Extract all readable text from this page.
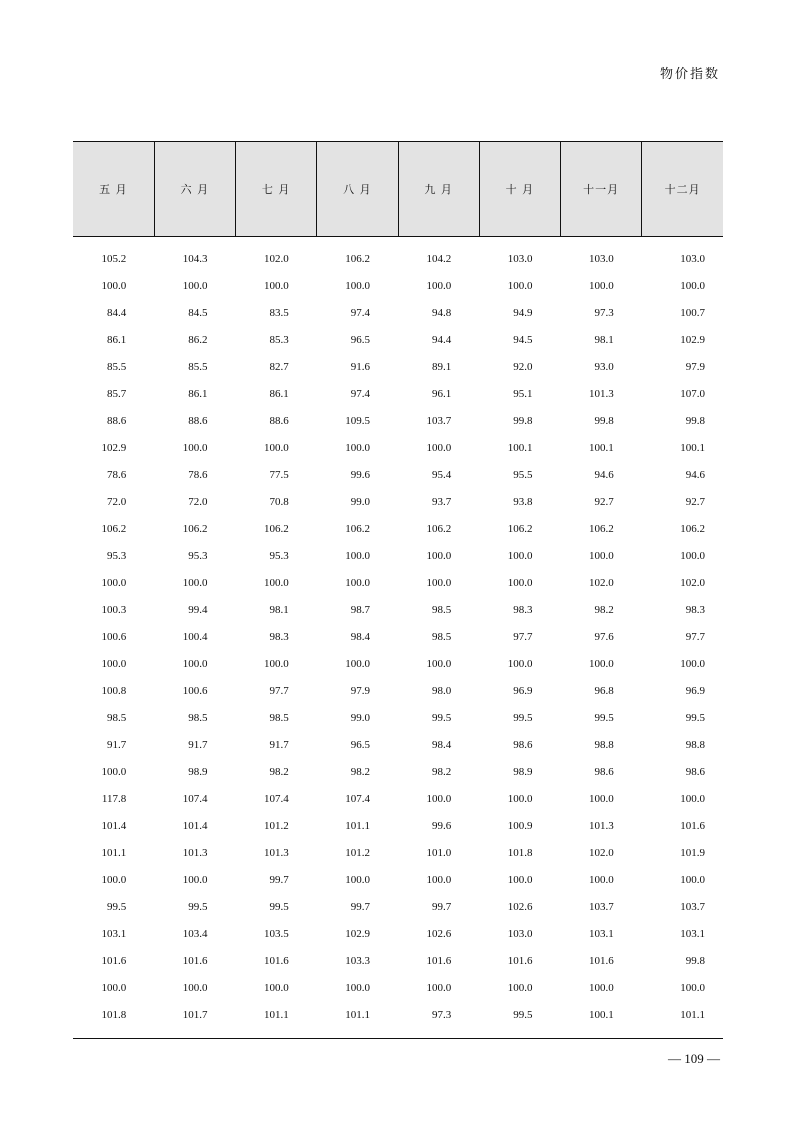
物价指数
五 月	六 月	七 月	八 月	九 月	十 月	十一月	十二月
105.2	104.3	102.0	106.2	104.2	103.0	103.0	103.0
100.0	100.0	100.0	100.0	100.0	100.0	100.0	100.0
84.4	84.5	83.5	97.4	94.8	94.9	97.3	100.7
86.1	86.2	85.3	96.5	94.4	94.5	98.1	102.9
85.5	85.5	82.7	91.6	89.1	92.0	93.0	97.9
85.7	86.1	86.1	97.4	96.1	95.1	101.3	107.0
88.6	88.6	88.6	109.5	103.7	99.8	99.8	99.8
102.9	100.0	100.0	100.0	100.0	100.1	100.1	100.1
78.6	78.6	77.5	99.6	95.4	95.5	94.6	94.6
72.0	72.0	70.8	99.0	93.7	93.8	92.7	92.7
106.2	106.2	106.2	106.2	106.2	106.2	106.2	106.2
95.3	95.3	95.3	100.0	100.0	100.0	100.0	100.0
100.0	100.0	100.0	100.0	100.0	100.0	102.0	102.0
100.3	99.4	98.1	98.7	98.5	98.3	98.2	98.3
100.6	100.4	98.3	98.4	98.5	97.7	97.6	97.7
100.0	100.0	100.0	100.0	100.0	100.0	100.0	100.0
100.8	100.6	97.7	97.9	98.0	96.9	96.8	96.9
98.5	98.5	98.5	99.0	99.5	99.5	99.5	99.5
91.7	91.7	91.7	96.5	98.4	98.6	98.8	98.8
100.0	98.9	98.2	98.2	98.2	98.9	98.6	98.6
117.8	107.4	107.4	107.4	100.0	100.0	100.0	100.0
101.4	101.4	101.2	101.1	99.6	100.9	101.3	101.6
101.1	101.3	101.3	101.2	101.0	101.8	102.0	101.9
100.0	100.0	99.7	100.0	100.0	100.0	100.0	100.0
99.5	99.5	99.5	99.7	99.7	102.6	103.7	103.7
103.1	103.4	103.5	102.9	102.6	103.0	103.1	103.1
101.6	101.6	101.6	103.3	101.6	101.6	101.6	99.8
100.0	100.0	100.0	100.0	100.0	100.0	100.0	100.0
101.8	101.7	101.1	101.1	97.3	99.5	100.1	101.1
— 109 —
